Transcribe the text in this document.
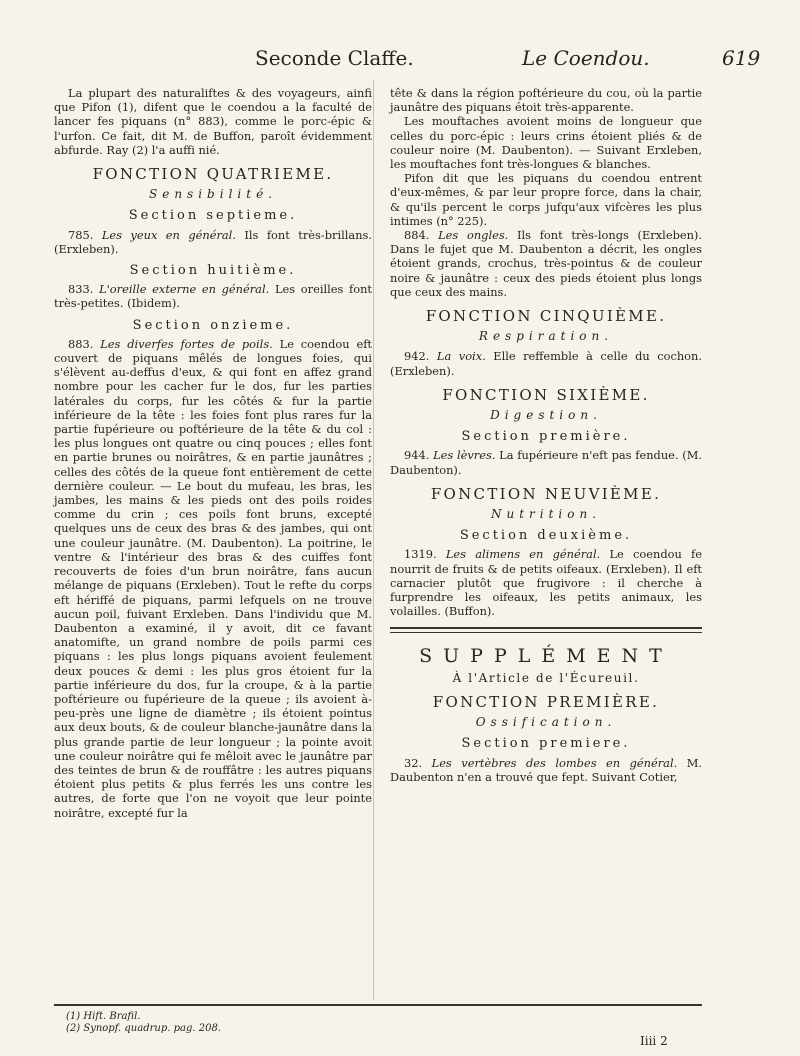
Seconde Claffe.	Le Coendou.	619

La plupart des naturaliftes & des voyageurs, ainfi que Pifon (1), difent que le coendou a la faculté de lancer fes piquans (n° 883), comme le porc-épic & l'urfon. Ce fait, dit M. de Buffon, paroît évidemment abfurde. Ray (2) l'a auffi nié.

FONCTION QUATRIEME.
Sensibilité.
Section septieme.

785. Les yeux en général. Ils font très-brillans. (Erxleben).

Section huitième.

833. L'oreille externe en général. Les oreilles font très-petites. (Ibidem).

Section onzieme.

883. Les diverfes fortes de poils. Le coendou eft couvert de piquans mêlés de longues foies, qui s'élèvent au-deffus d'eux, & qui font en affez grand nombre pour les cacher fur le dos, fur les parties latérales du corps, fur les côtés & fur la partie inférieure de la tête : les foies font plus rares fur la partie fupérieure ou poftérieure de la tête & du col : les plus longues ont quatre ou cinq pouces ; elles font en partie brunes ou noirâtres, & en partie jaunâtres ; celles des côtés de la queue font entièrement de cette dernière couleur. — Le bout du mufeau, les bras, les jambes, les mains & les pieds ont des poils roides comme du crin ; ces poils font bruns, excepté quelques uns de ceux des bras & des jambes, qui ont une couleur jaunâtre. (M. Daubenton). La poitrine, le ventre & l'intérieur des bras & des cuiffes font recouverts de foies d'un brun noirâtre, fans aucun mélange de piquans (Erxleben). Tout le refte du corps eft hériffé de piquans, parmi lefquels on ne trouve aucun poil, fuivant Erxleben. Dans l'individu que M. Daubenton a examiné, il y avoit, dit ce favant anatomifte, un grand nombre de poils parmi ces piquans : les plus longs piquans avoient feulement deux pouces & demi : les plus gros étoient fur la partie inférieure du dos, fur la croupe, & à la partie poftérieure ou fupérieure de la queue ; ils avoient à-peu-près une ligne de diamètre ; ils étoient pointus aux deux bouts, & de couleur blanche-jaunâtre dans la plus grande partie de leur longueur ; la pointe avoit une couleur noirâtre qui fe mêloit avec le jaunâtre par des teintes de brun & de rouffâtre : les autres piquans étoient plus petits & plus ferrés les uns contre les autres, de forte que l'on ne voyoit que leur pointe noirâtre, excepté fur la

tête & dans la région poftérieure du cou, où la partie jaunâtre des piquans étoit très-apparente.

Les mouftaches avoient moins de longueur que celles du porc-épic : leurs crins étoient pliés & de couleur noire (M. Daubenton). — Suivant Erxleben, les mouftaches font très-longues & blanches.

Pifon dit que les piquans du coendou entrent d'eux-mêmes, & par leur propre force, dans la chair, & qu'ils percent le corps jufqu'aux vifcères les plus intimes (n° 225).

884. Les ongles. Ils font très-longs (Erxleben). Dans le fujet que M. Daubenton a décrit, les ongles étoient grands, crochus, très-pointus & de couleur noire & jaunâtre : ceux des pieds étoient plus longs que ceux des mains.

FONCTION CINQUIÈME.
Respiration.

942. La voix. Elle reffemble à celle du cochon. (Erxleben).

FONCTION SIXIÈME.
Digestion.
Section première.

944. Les lèvres. La fupérieure n'eft pas fendue. (M. Daubenton).

FONCTION NEUVIÈME.
Nutrition.
Section deuxième.

1319. Les alimens en général. Le coendou fe nourrit de fruits & de petits oifeaux. (Erxleben). Il eft carnacier plutôt que frugivore : il cherche à furprendre les oifeaux, les petits animaux, les volailles. (Buffon).

SUPPLÉMENT
À l'Article de l'Écureuil.
FONCTION PREMIÈRE.
Ossification.
Section premiere.

32. Les vertèbres des lombes en général. M. Daubenton n'en a trouvé que fept. Suivant Cotier,

(1) Hift. Brafil.
(2) Synopf. quadrup. pag. 208.
Iiii 2
